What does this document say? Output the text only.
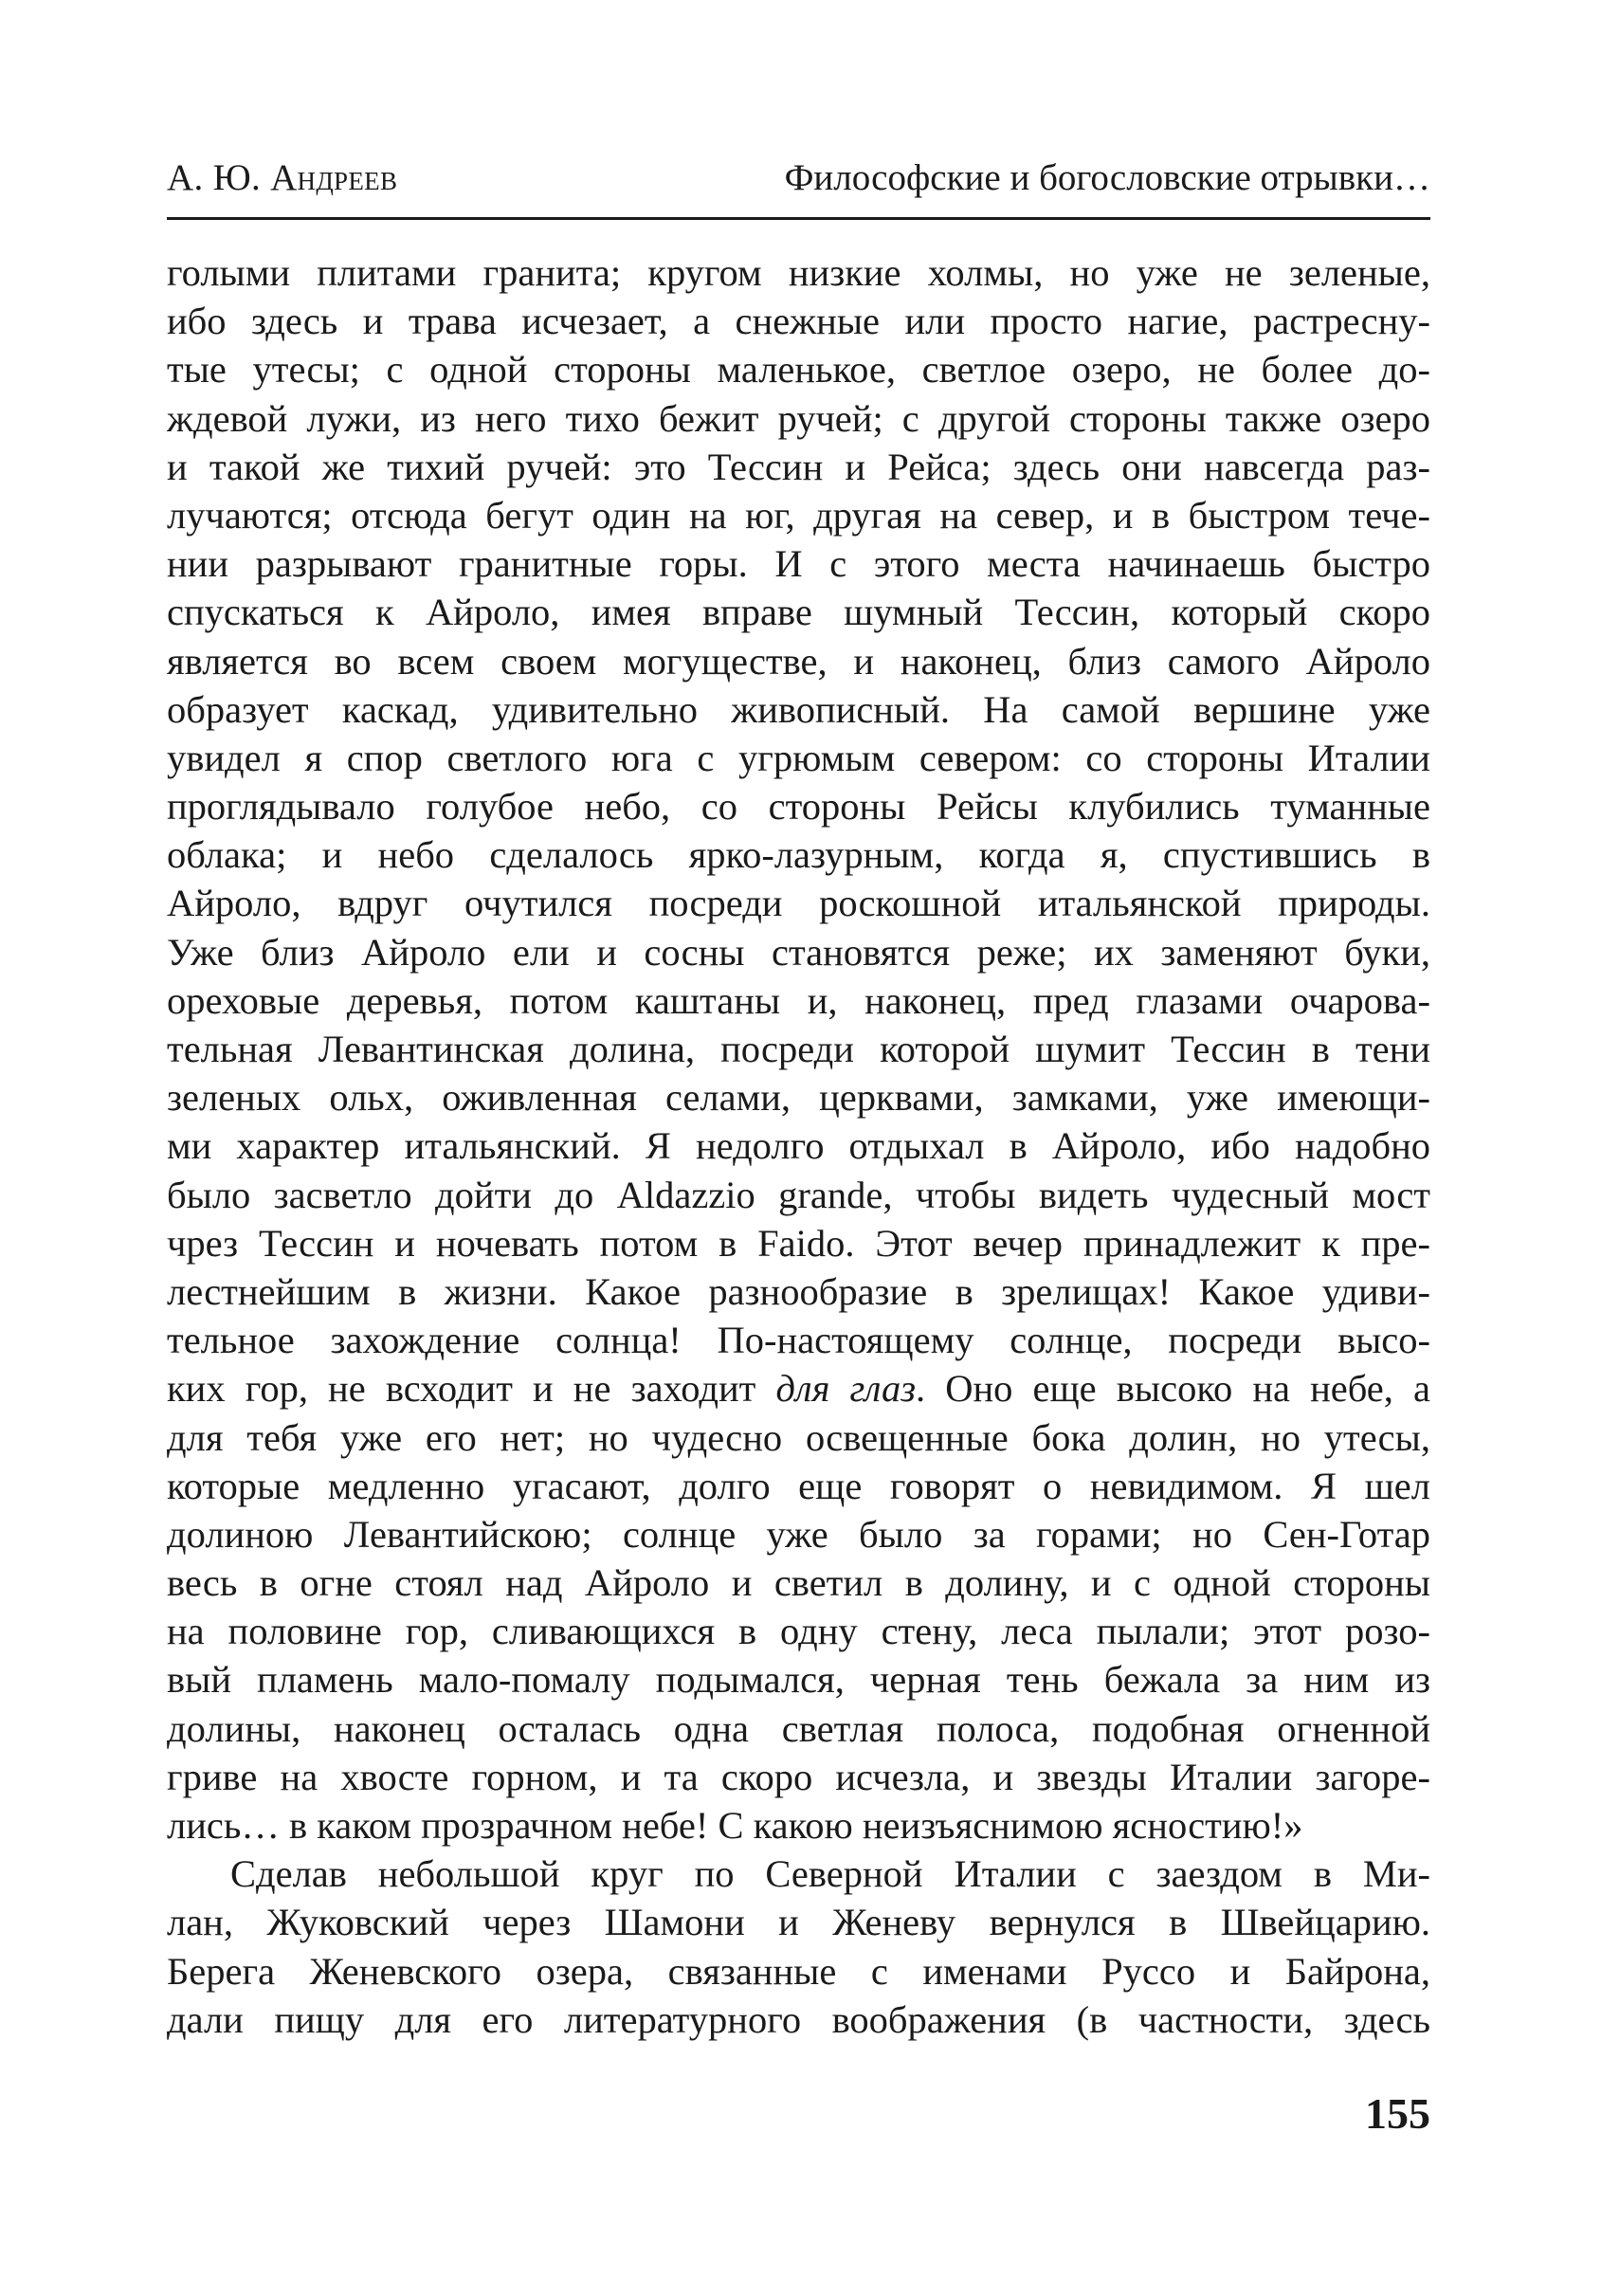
А. Ю. Андреев	Философские и богословские отрывки…
голыми плитами гранита; кругом низкие холмы, но уже не зеленые,
ибо здесь и трава исчезает, а снежные или просто нагие, растресну-
тые утесы; с одной стороны маленькое, светлое озеро, не более до-
ждевой лужи, из него тихо бежит ручей; с другой стороны также озеро
и такой же тихий ручей: это Тессин и Рейса; здесь они навсегда раз-
лучаются; отсюда бегут один на юг, другая на север, и в быстром тече-
нии разрывают гранитные горы. И с этого места начинаешь быстро
спускаться к Айроло, имея вправе шумный Тессин, который скоро
является во всем своем могуществе, и наконец, близ самого Айроло
образует каскад, удивительно живописный. На самой вершине уже
увидел я спор светлого юга с угрюмым севером: со стороны Италии
проглядывало голубое небо, со стороны Рейсы клубились туманные
облака; и небо сделалось ярко-лазурным, когда я, спустившись в
Айроло, вдруг очутился посреди роскошной итальянской природы.
Уже близ Айроло ели и сосны становятся реже; их заменяют буки,
ореховые деревья, потом каштаны и, наконец, пред глазами очарова-
тельная Левантинская долина, посреди которой шумит Тессин в тени
зеленых ольх, оживленная селами, церквами, замками, уже имеющи-
ми характер итальянский. Я недолго отдыхал в Айроло, ибо надобно
было засветло дойти до Aldazzio grande, чтобы видеть чудесный мост
чрез Тессин и ночевать потом в Faido. Этот вечер принадлежит к пре-
лестнейшим в жизни. Какое разнообразие в зрелищах! Какое удиви-
тельное захождение солнца! По-настоящему солнце, посреди высо-
ких гор, не всходит и не заходит для глаз. Оно еще высоко на небе, а
для тебя уже его нет; но чудесно освещенные бока долин, но утесы,
которые медленно угасают, долго еще говорят о невидимом. Я шел
долиною Левантийскою; солнце уже было за горами; но Сен-Готар
весь в огне стоял над Айроло и светил в долину, и с одной стороны
на половине гор, сливающихся в одну стену, леса пылали; этот розо-
вый пламень мало-помалу подымался, черная тень бежала за ним из
долины, наконец осталась одна светлая полоса, подобная огненной
гриве на хвосте горном, и та скоро исчезла, и звезды Италии загоре-
лись… в каком прозрачном небе! С какою неизъяснимою ясностию!»
Сделав небольшой круг по Северной Италии с заездом в Ми-
лан, Жуковский через Шамони и Женеву вернулся в Швейцарию.
Берега Женевского озера, связанные с именами Руссо и Байрона,
дали пищу для его литературного воображения (в частности, здесь
155
